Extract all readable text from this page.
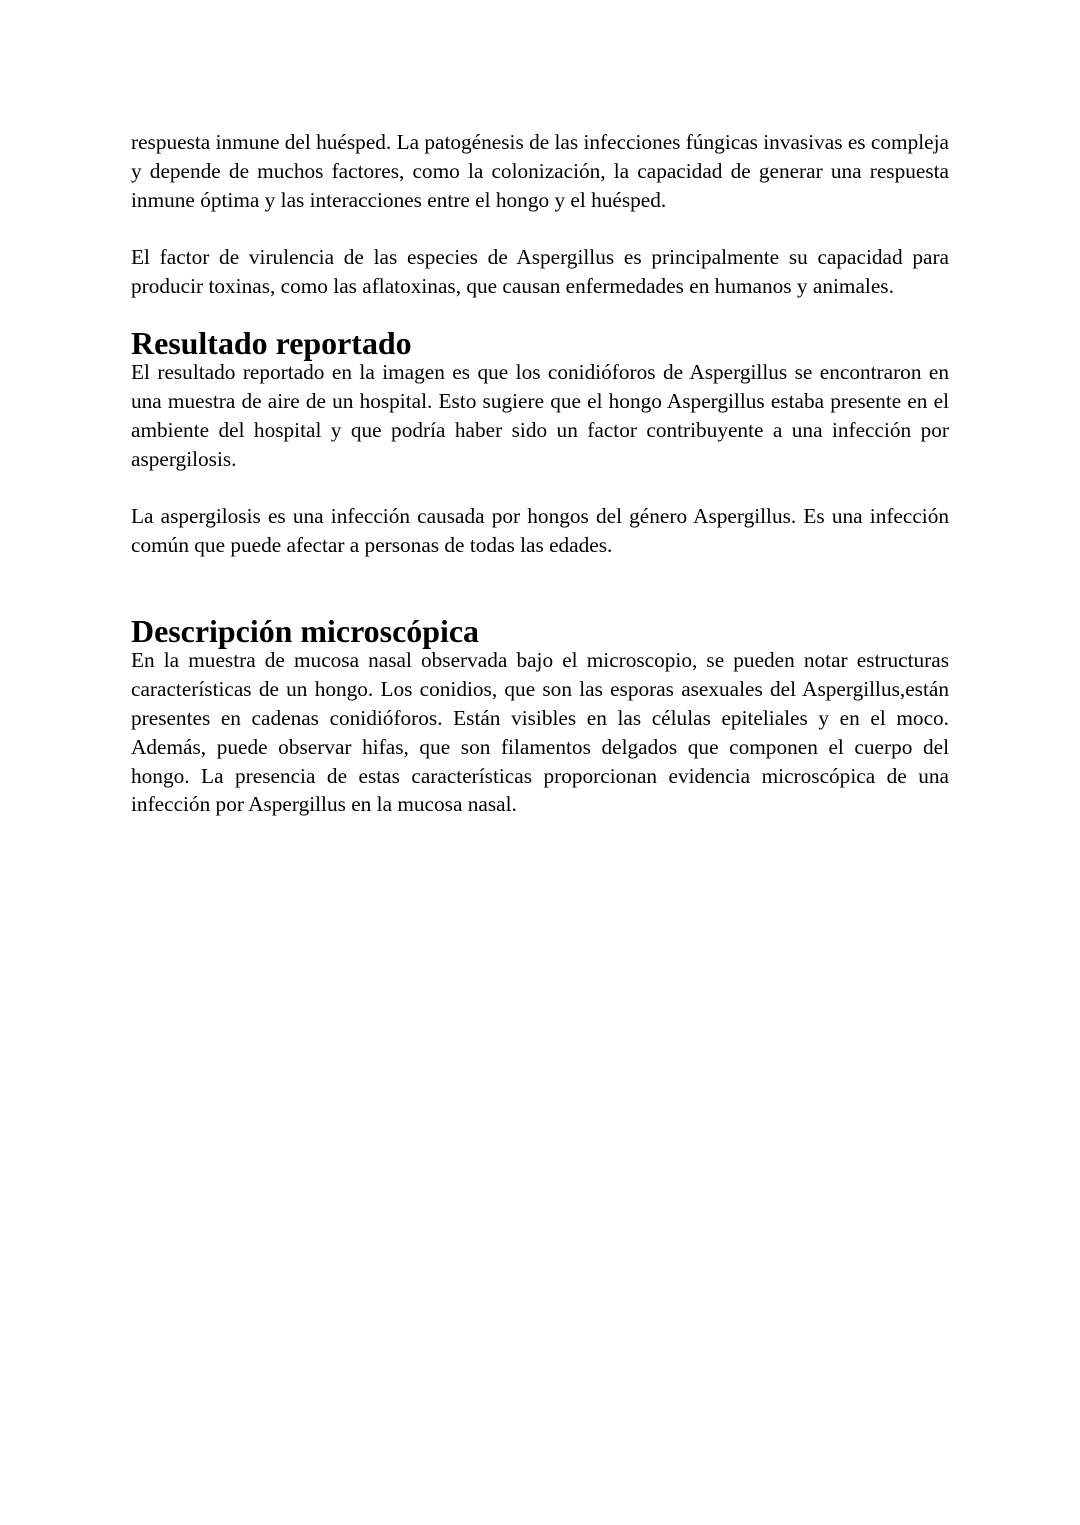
respuesta inmune del huésped. La patogénesis de las infecciones fúngicas invasivas es compleja y depende de muchos factores, como la colonización, la capacidad de generar una respuesta inmune óptima y las interacciones entre el hongo y el huésped.

El factor de virulencia de las especies de Aspergillus es principalmente su capacidad para producir toxinas, como las aflatoxinas, que causan enfermedades en humanos y animales.

Resultado reportado

El resultado reportado en la imagen es que los conidióforos de Aspergillus se encontraron en una muestra de aire de un hospital. Esto sugiere que el hongo Aspergillus estaba presente en el ambiente del hospital y que podría haber sido un factor contribuyente a una infección por aspergilosis.

La aspergilosis es una infección causada por hongos del género Aspergillus. Es una infección común que puede afectar a personas de todas las edades.

Descripción microscópica

En la muestra de mucosa nasal observada bajo el microscopio, se pueden notar estructuras características de un hongo. Los conidios, que son las esporas asexuales del Aspergillus,están presentes en cadenas conidióforos. Están visibles en las células epiteliales y en el moco. Además, puede observar hifas, que son filamentos delgados que componen el cuerpo del hongo. La presencia de estas características proporcionan evidencia microscópica de una infección por Aspergillus en la mucosa nasal.
